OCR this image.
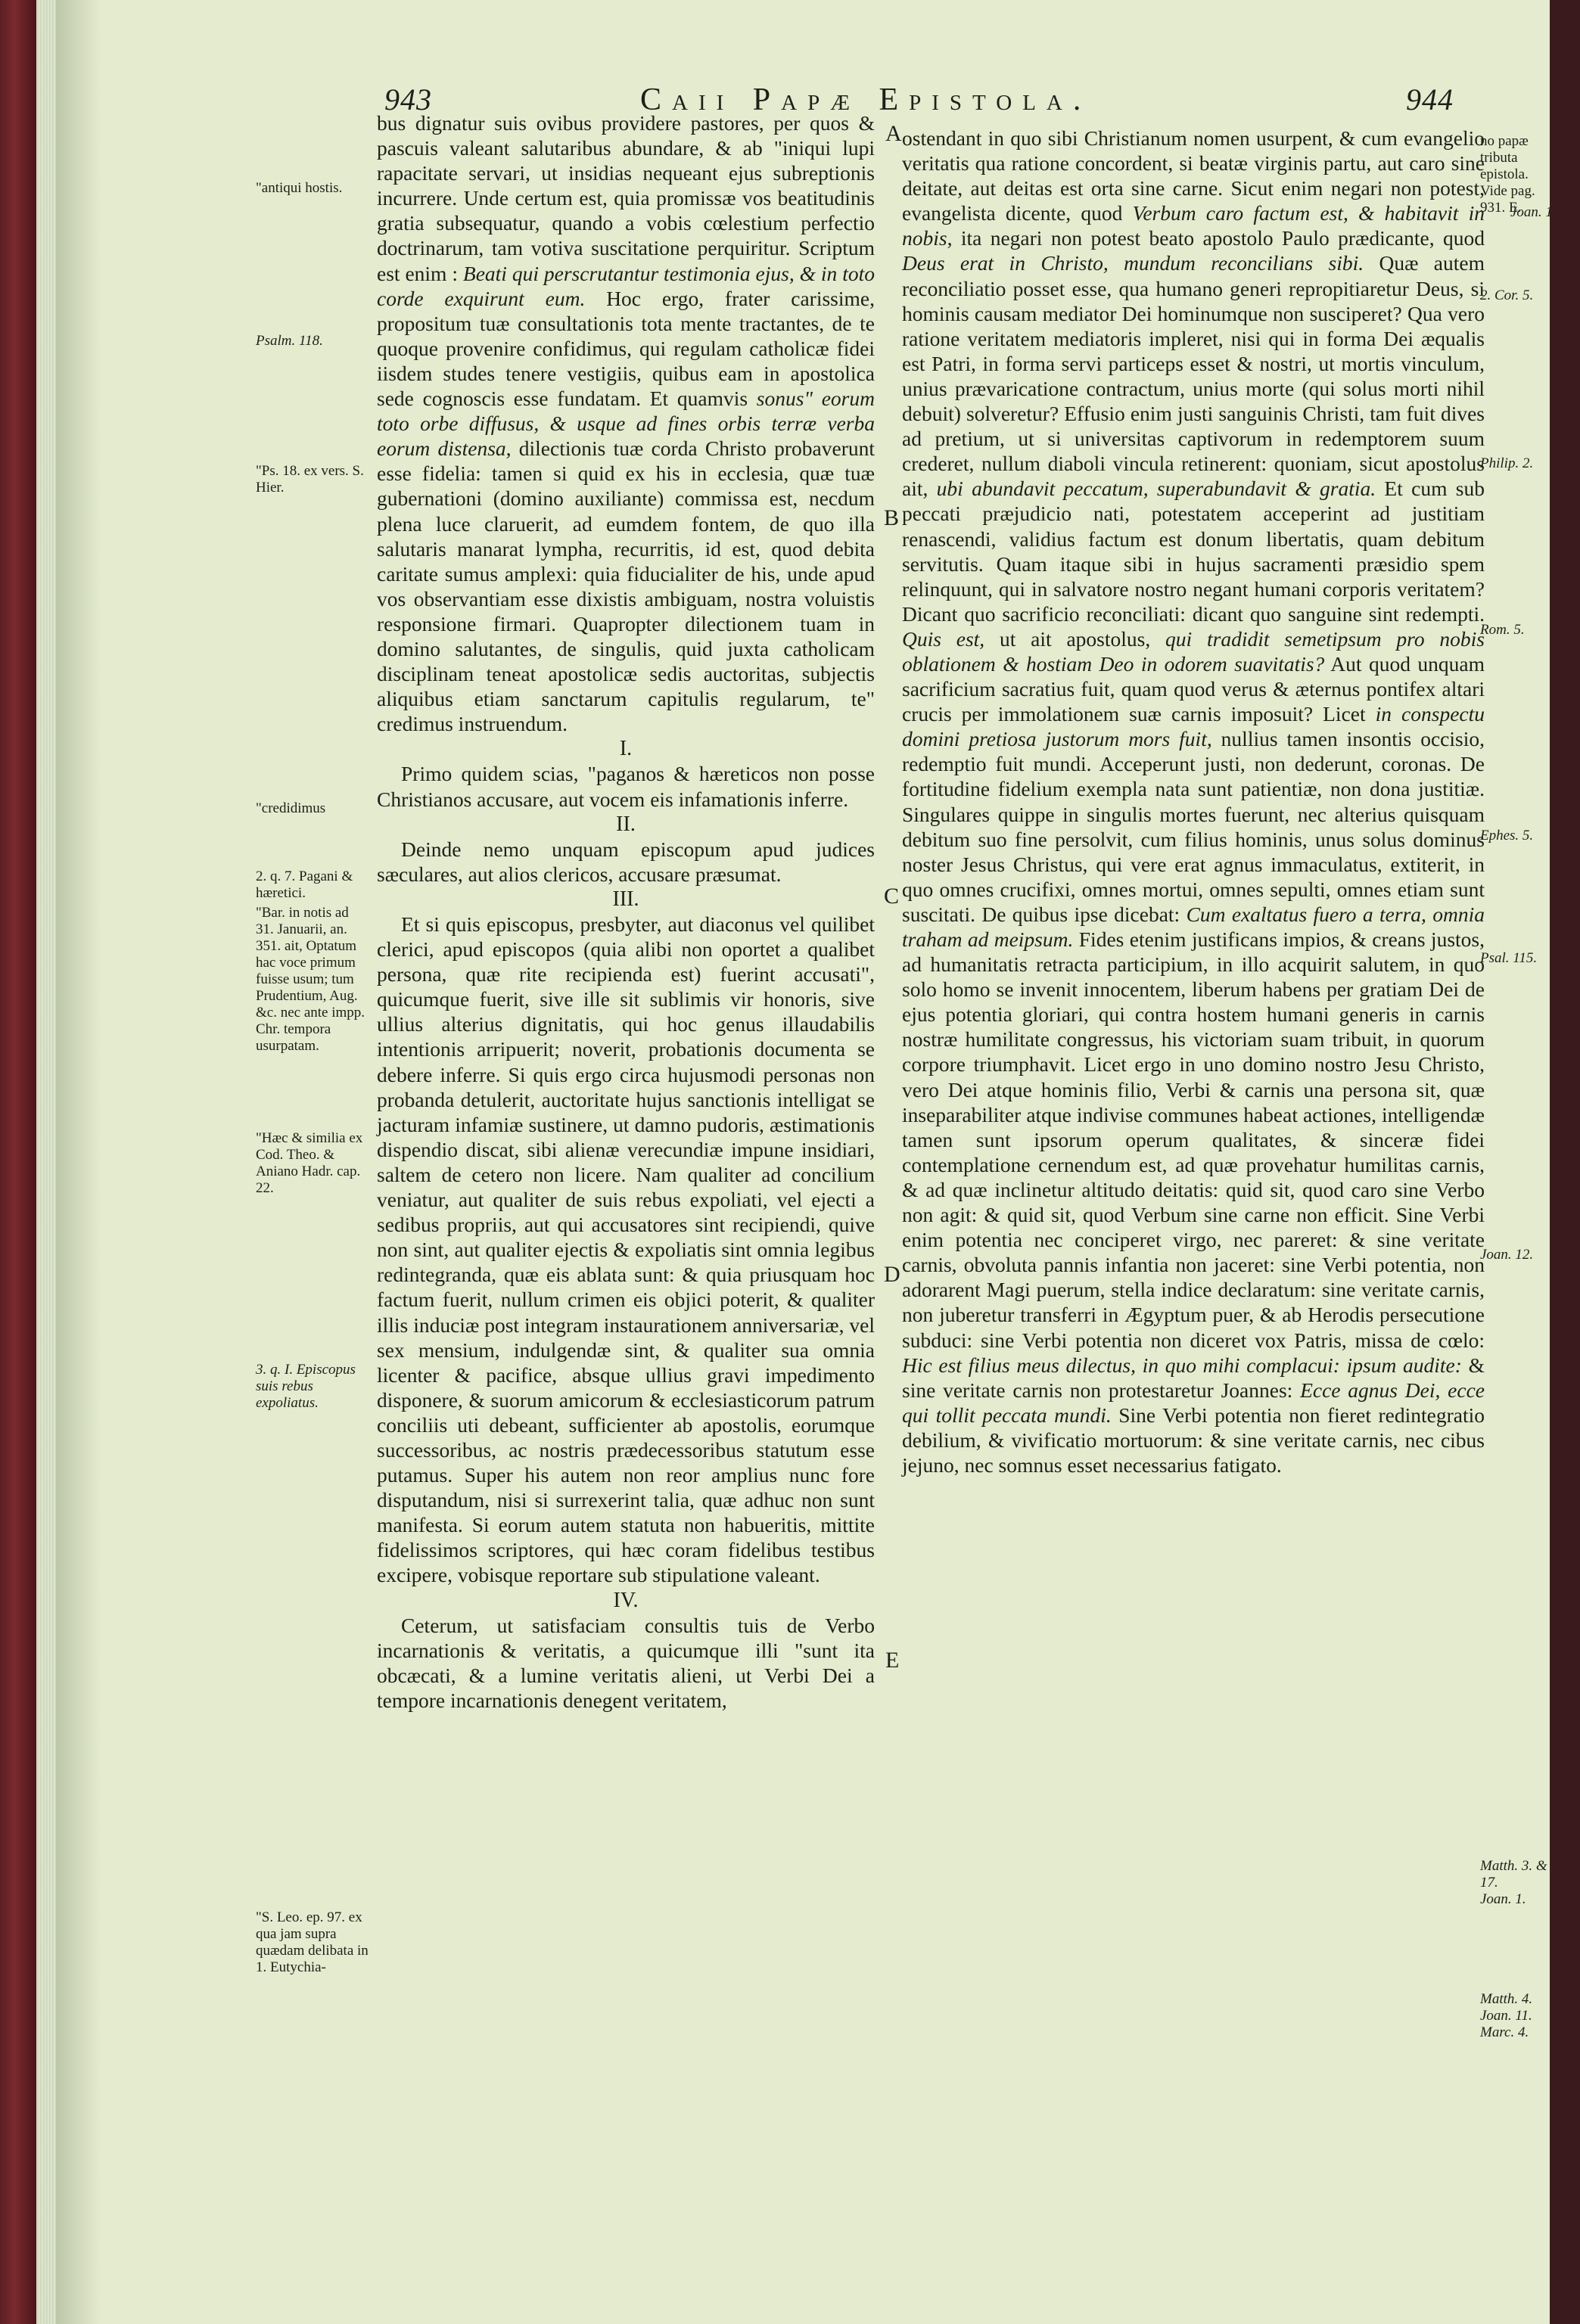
943	Caii Papæ Epistola.	944
"antiqui hostis.
Psalm. 118.
"Ps. 18. ex vers. S. Hier.
"credidimus
2. q. 7. Pagani & hæretici.
"Bar. in notis ad 31. Januarii, an. 351. ait, Optatum hac voce primum fuisse usum; tum Prudentium, Aug. &c. nec ante impp. Chr. tempora usurpatam.
"Hæc & similia ex Cod. Theo. & Aniano Hadr. cap. 22.
3. q. I. Episcopus suis rebus expoliatus.
"S. Leo. ep. 97. ex qua jam supra quædam delibata in 1. Eutychia-
A
B
C
D
E

bus dignatur suis ovibus providere pastores, per quos & pascuis valeant salutaribus abundare, & ab "iniqui lupi rapacitate servari, ut insidias nequeant ejus subreptionis incurrere. Unde certum est, quia promissæ vos beatitudinis gratia subsequatur, quando a vobis cœlestium perfectio doctrinarum, tam votiva suscitatione perquiritur. Scriptum est enim : Beati qui perscrutantur testimonia ejus, & in toto corde exquirunt eum. Hoc ergo, frater carissime, propositum tuæ consultationis tota mente tractantes, de te quoque provenire confidimus, qui regulam catholicæ fidei iisdem studes tenere vestigiis, quibus eam in apostolica sede cognoscis esse fundatam. Et quamvis sonus" eorum toto orbe diffusus, & usque ad fines orbis terræ verba eorum distensa, dilectionis tuæ corda Christo probaverunt esse fidelia: tamen si quid ex his in ecclesia, quæ tuæ gubernationi (domino auxiliante) commissa est, necdum plena luce claruerit, ad eumdem fontem, de quo illa salutaris manarat lympha, recurritis, id est, quod debita caritate sumus amplexi: quia fiducialiter de his, unde apud vos observantiam esse dixistis ambiguam, nostra voluistis responsione firmari. Quapropter dilectionem tuam in domino salutantes, de singulis, quid juxta catholicam disciplinam teneat apostolicæ sedis auctoritas, subjectis aliquibus etiam sanctarum capitulis regularum, te" credimus instruendum.

I.

Primo quidem scias, "paganos & hæreticos non posse Christianos accusare, aut vocem eis infamationis inferre.

II.

Deinde nemo unquam episcopum apud judices sæculares, aut alios clericos, accusare præsumat.

III.

Et si quis episcopus, presbyter, aut diaconus vel quilibet clerici, apud episcopos (quia alibi non oportet a qualibet persona, quæ rite recipienda est) fuerint accusati", quicumque fuerit, sive ille sit sublimis vir honoris, sive ullius alterius dignitatis, qui hoc genus illaudabilis intentionis arripuerit; noverit, probationis documenta se debere inferre. Si quis ergo circa hujusmodi personas non probanda detulerit, auctoritate hujus sanctionis intelligat se jacturam infamiæ sustinere, ut damno pudoris, æstimationis dispendio discat, sibi alienæ verecundiæ impune insidiari, saltem de cetero non licere. Nam qualiter ad concilium veniatur, aut qualiter de suis rebus expoliati, vel ejecti a sedibus propriis, aut qui accusatores sint recipiendi, quive non sint, aut qualiter ejectis & expoliatis sint omnia legibus redintegranda, quæ eis ablata sunt: & quia priusquam hoc factum fuerit, nullum crimen eis objici poterit, & qualiter illis induciæ post integram instaurationem anniversariæ, vel sex mensium, indulgendæ sint, & qualiter sua omnia licenter & pacifice, absque ullius gravi impedimento disponere, & suorum amicorum & ecclesiasticorum patrum conciliis uti debeant, sufficienter ab apostolis, eorumque successoribus, ac nostris prædecessoribus statutum esse putamus. Super his autem non reor amplius nunc fore disputandum, nisi si surrexerint talia, quæ adhuc non sunt manifesta. Si eorum autem statuta non habueritis, mittite fidelissimos scriptores, qui hæc coram fidelibus testibus excipere, vobisque reportare sub stipulatione valeant.

IV.

Ceterum, ut satisfaciam consultis tuis de Verbo incarnationis & veritatis, a quicumque illi "sunt ita obcæcati, & a lumine veritatis alieni, ut Verbi Dei a tempore incarnationis denegent veritatem,

ostendant in quo sibi Christianum nomen usurpent, & cum evangelio veritatis qua ratione concordent, si beatæ virginis partu, aut caro sine deitate, aut deitas est orta sine carne. Sicut enim negari non potest, evangelista dicente, quod Verbum caro factum est, & habitavit in nobis, ita negari non potest beato apostolo Paulo prædicante, quod Deus erat in Christo, mundum reconcilians sibi. Quæ autem reconciliatio posset esse, qua humano generi repropitiaretur Deus, si hominis causam mediator Dei hominumque non susciperet? Qua vero ratione veritatem mediatoris impleret, nisi qui in forma Dei æqualis est Patri, in forma servi particeps esset & nostri, ut mortis vinculum, unius prævaricatione contractum, unius morte (qui solus morti nihil debuit) solveretur? Effusio enim justi sanguinis Christi, tam fuit dives ad pretium, ut si universitas captivorum in redemptorem suum crederet, nullum diaboli vincula retinerent: quoniam, sicut apostolus ait, ubi abundavit peccatum, superabundavit & gratia. Et cum sub peccati præjudicio nati, potestatem acceperint ad justitiam renascendi, validius factum est donum libertatis, quam debitum servitutis. Quam itaque sibi in hujus sacramenti præsidio spem relinquunt, qui in salvatore nostro negant humani corporis veritatem? Dicant quo sacrificio reconciliati: dicant quo sanguine sint redempti. Quis est, ut ait apostolus, qui tradidit semetipsum pro nobis oblationem & hostiam Deo in odorem suavitatis? Aut quod unquam sacrificium sacratius fuit, quam quod verus & æternus pontifex altari crucis per immolationem suæ carnis imposuit? Licet in conspectu domini pretiosa justorum mors fuit, nullius tamen insontis occisio, redemptio fuit mundi. Acceperunt justi, non dederunt, coronas. De fortitudine fidelium exempla nata sunt patientiæ, non dona justitiæ. Singulares quippe in singulis mortes fuerunt, nec alterius quisquam debitum suo fine persolvit, cum filius hominis, unus solus dominus noster Jesus Christus, qui vere erat agnus immaculatus, extiterit, in quo omnes crucifixi, omnes mortui, omnes sepulti, omnes etiam sunt suscitati. De quibus ipse dicebat: Cum exaltatus fuero a terra, omnia traham ad meipsum. Fides etenim justificans impios, & creans justos, ad humanitatis retracta participium, in illo acquirit salutem, in quo solo homo se invenit innocentem, liberum habens per gratiam Dei de ejus potentia gloriari, qui contra hostem humani generis in carnis nostræ humilitate congressus, his victoriam suam tribuit, in quorum corpore triumphavit. Licet ergo in uno domino nostro Jesu Christo, vero Dei atque hominis filio, Verbi & carnis una persona sit, quæ inseparabiliter atque indivise communes habeat actiones, intelligendæ tamen sunt ipsorum operum qualitates, & sinceræ fidei contemplatione cernendum est, ad quæ provehatur humilitas carnis, & ad quæ inclinetur altitudo deitatis: quid sit, quod caro sine Verbo non agit: & quid sit, quod Verbum sine carne non efficit. Sine Verbi enim potentia nec conciperet virgo, nec pareret: & sine veritate carnis, obvoluta pannis infantia non jaceret: sine Verbi potentia, non adorarent Magi puerum, stella indice declaratum: sine veritate carnis, non juberetur transferri in Ægyptum puer, & ab Herodis persecutione subduci: sine Verbi potentia non diceret vox Patris, missa de cœlo: Hic est filius meus dilectus, in quo mihi complacui: ipsum audite: & sine veritate carnis non protestaretur Joannes: Ecce agnus Dei, ecce qui tollit peccata mundi. Sine Verbi potentia non fieret redintegratio debilium, & vivificatio mortuorum: & sine veritate carnis, nec cibus jejuno, nec somnus esset necessarius fatigato.

no papæ tributa epistola. Vide pag. 931. E.
Joan. 1.
2. Cor. 5.
Philip. 2.
Rom. 5.
Ephes. 5.
Psal. 115.
Joan. 12.
Matth. 3. & 17.
Joan. 1.
Matth. 4. Joan. 11. Marc. 4.
